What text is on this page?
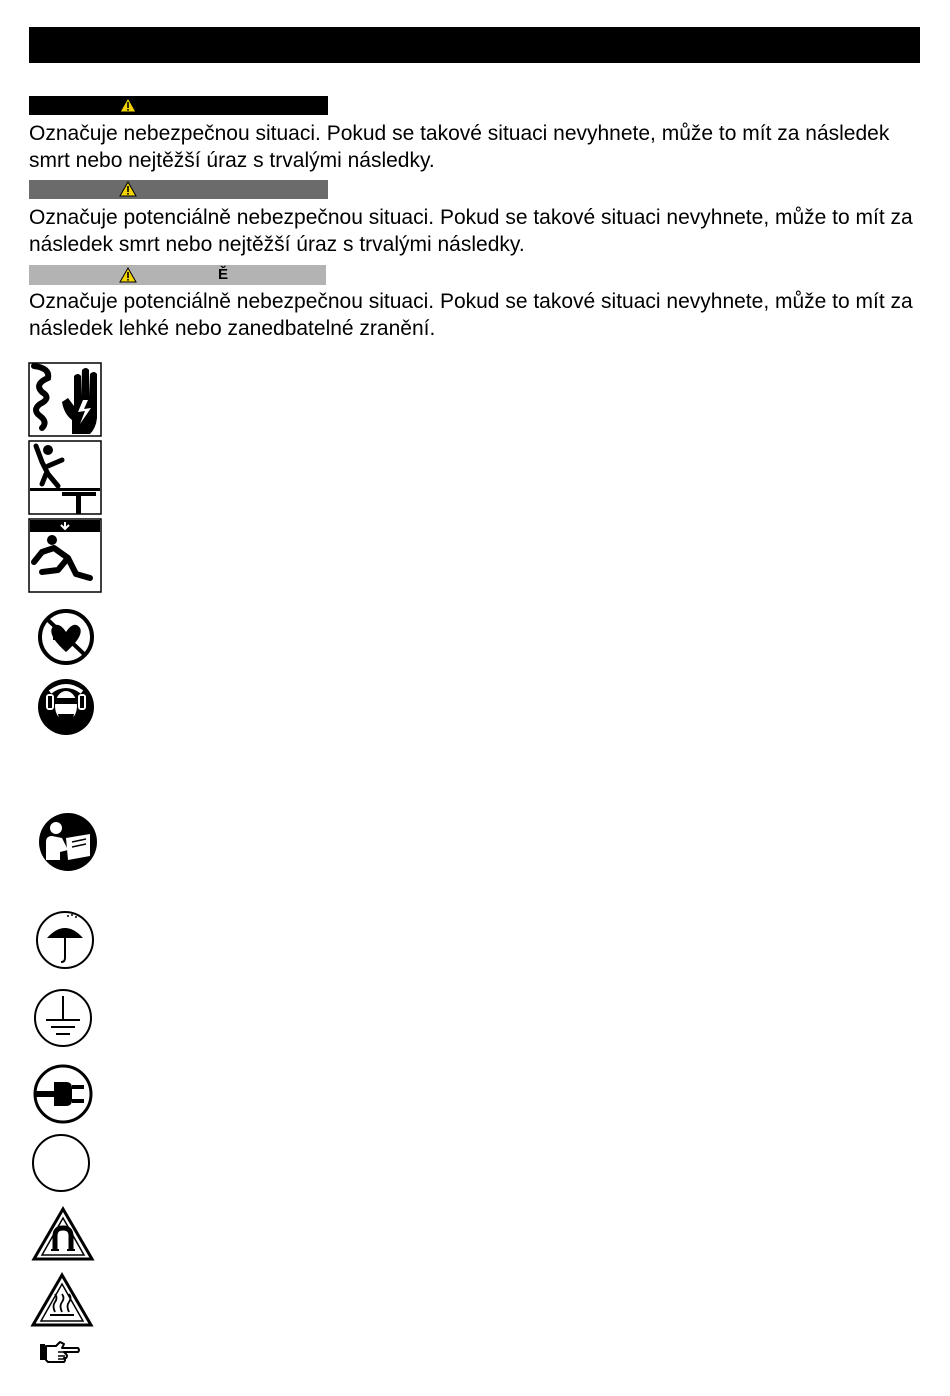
Označuje nebezpečnou situaci. Pokud se takové situaci nevyhnete, může to mít za následek smrt nebo nejtěžší úraz s trvalými následky.

Označuje potenciálně nebezpečnou situaci. Pokud se takové situaci nevyhnete, může to mít za následek smrt nebo nejtěžší úraz s trvalými následky.

Ě

Označuje potenciálně nebezpečnou situaci. Pokud se takové situaci nevyhnete, může to mít za následek lehké nebo zanedbatelné zranění.
